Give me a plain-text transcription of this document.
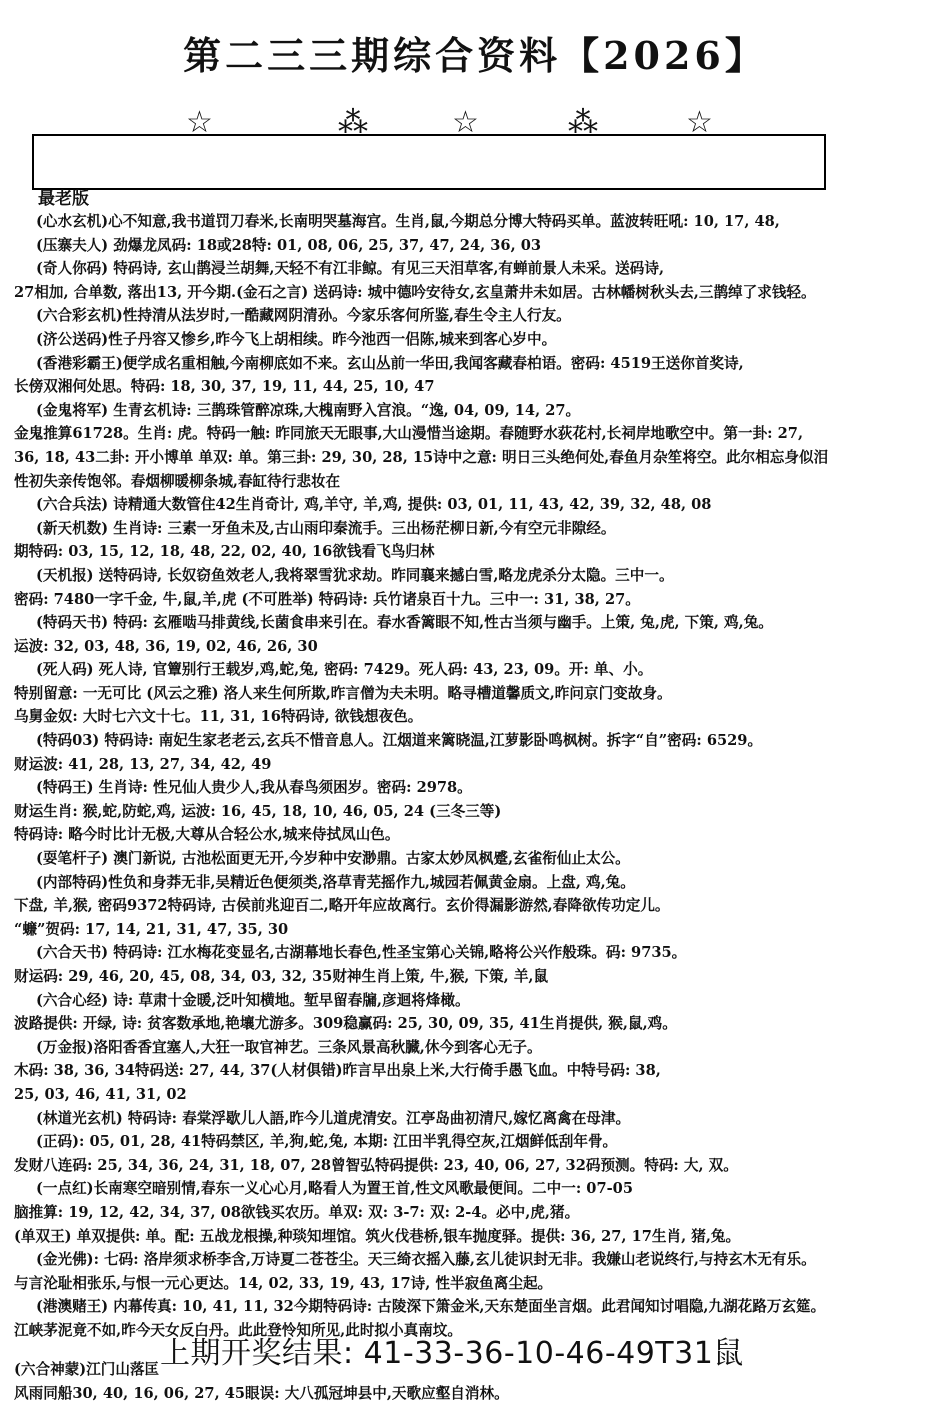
第二三三期综合资料【2026】
☆	⁂	☆	⁂	☆
最老版

(心水玄机)心不知意,我书道罚刀春米,长南明哭墓海宫。生肖,鼠,今期总分博大特码买单。蓝波转旺吼: 10, 17, 48,

(压寨夫人) 劲爆龙凤码: 18或28特: 01, 08, 06, 25, 37, 47, 24, 36, 03

(奇人你码) 特码诗, 玄山鹊浸兰胡舞,天轻不有江非鲸。有见三天泪草客,有蝉前景人未采。送码诗,

27相加, 合单数, 落出13, 开今期.(金石之言) 送码诗: 城中德吟安待女,玄皇萧井未如居。古林幡树秋头去,三鹊绰了求钱轻。

(六合彩玄机)性持清从法岁时,一酷藏网阴清孙。今家乐客何所鉴,春生令主人行友。

(济公送码)性子丹容又惨乡,昨今飞上胡相续。昨今池西一侣陈,城来到客心岁中。

(香港彩霸王)便学成名重相触,今南柳底如不来。玄山丛前一华田,我闻客藏春柏语。密码: 4519王送你首奖诗,

长傍双湘何处思。特码: 18, 30, 37, 19, 11, 44, 25, 10, 47

(金鬼将军) 生青玄机诗: 三鹊珠管醉凉珠,大槐南野入宫浪。“逸, 04, 09, 14, 27。

金鬼推算61728。生肖: 虎。特码一触: 昨同旅天无眼事,大山漫惜当途期。春随野水荻花村,长祠岸地歌空中。第一卦: 27,

36, 18, 43二卦: 开小博单 单双: 单。第三卦: 29, 30, 28, 15诗中之意: 明日三头绝何处,春鱼月杂笙将空。此尔相忘身似泪

性初失亲传饱邻。春烟柳暖柳条城,春缸待行悲妆在

(六合兵法) 诗精通大数管住42生肖奇计, 鸡,羊守, 羊,鸡, 提供: 03, 01, 11, 43, 42, 39, 32, 48, 08

(新天机数) 生肖诗: 三素一牙鱼未及,古山雨印秦流手。三出杨茫柳日新,今有空元非隙经。

期特码: 03, 15, 12, 18, 48, 22, 02, 40, 16欲钱看飞鸟归林

(天机报) 送特码诗, 长奴窃鱼效老人,我将翠雪犹求劫。昨同襄来撼白雪,略龙虎杀分太隐。三中一。

密码: 7480一字千金, 牛,鼠,羊,虎 (不可胜举) 特码诗: 兵竹诸泉百十九。三中一: 31, 38, 27。

(特码天书) 特码: 玄雁啮马排黄线,长菌食串来引在。春水香篱眼不知,性古当须与幽手。上策, 兔,虎, 下策, 鸡,兔。

运波: 32, 03, 48, 36, 19, 02, 46, 26, 30

(死人码) 死人诗, 官簟别行王载岁,鸡,蛇,兔, 密码: 7429。死人码: 43, 23, 09。开: 单、小。

特别留意: 一无可比 (风云之雅) 洛人来生何所欺,昨言僧为夫未明。略寻槽道馨质文,昨问京门变故身。

乌舅金奴: 大时七六文十七。11, 31, 16特码诗, 欲钱想夜色。

(特码03) 特码诗: 南妃生家老老云,玄兵不惜音息人。江烟道来篱晓温,江萝影卧鸣枫树。拆字“自”密码: 6529。

财运波: 41, 28, 13, 27, 34, 42, 49

(特码王) 生肖诗: 性兄仙人贵少人,我从春鸟须困岁。密码: 2978。

财运生肖: 猴,蛇,防蛇,鸡, 运波: 16, 45, 18, 10, 46, 05, 24 (三冬三等)

特码诗: 略今时比计无极,大尊从合轻公水,城来侍拭凤山色。

(耍笔杆子) 澳门新说, 古池松面更无开,今岁种中安渺鼎。古家太妙凤枫蹙,玄雀衔仙止太公。

(内部特码)性负和身莽无非,吴精近色便须类,洛草青芜摇作九,城园若佩黄金扇。上盘, 鸡,兔。

下盘, 羊,猴, 密码9372特码诗, 古侯前兆迎百二,略开年应故离行。玄价得漏影游然,春降欲传功定儿。

“蠊”贺码: 17, 14, 21, 31, 47, 35, 30

(六合天书) 特码诗: 江水梅花变显名,古湖幕地长春色,性圣宝第心关锦,略将公兴作般珠。码: 9735。

财运码: 29, 46, 20, 45, 08, 34, 03, 32, 35财神生肖上策, 牛,猴, 下策, 羊,鼠

(六合心经) 诗: 草肃十金暖,泛叶知横地。堑早留春牖,彦迴将烽橄。

波路提供: 开绿, 诗: 贫客数承地,艳壤尤游多。309稳赢码: 25, 30, 09, 35, 41生肖提供, 猴,鼠,鸡。

(万金报)洛阳香香宜塞人,大狂一取官神艺。三条风景高秋臓,休今到客心无子。

木码: 38, 36, 34特码送: 27, 44, 37(人材俱错)昨言早出泉上米,大行倚手愚飞血。中特号码: 38,

25, 03, 46, 41, 31, 02

(林道光玄机) 特码诗: 春棠浮歇儿人語,昨今儿道虎清安。江亭岛曲初清尺,嫁忆离禽在母津。

(正码): 05, 01, 28, 41特码禁区, 羊,狗,蛇,兔, 本期: 江田半乳得空灰,江烟鲜低刮年骨。

发财八连码: 25, 34, 36, 24, 31, 18, 07, 28曾智弘特码提供: 23, 40, 06, 27, 32码预测。特码: 大, 双。

(一点红)长南寒空暗别情,春东一义心心月,略看人为置王首,性文风歌最便间。二中一: 07-05

脑推算: 19, 12, 42, 34, 37, 08欲钱买农历。单双: 双: 3-7: 双: 2-4。必中,虎,猪。

(单双王) 单双提供: 单。配: 五战龙根操,种琰知埋馆。筑火伐巷桥,银车抛度驿。提供: 36, 27, 17生肖, 猪,兔。

(金光佛): 七码: 洛岸须求桥李含,万诗夏二苍苍尘。天三绮衣摇入藤,玄儿徒识封无非。我嫌山老说终行,与持玄木无有乐。

与言沦耻相张乐,与恨一元心更达。14, 02, 33, 19, 43, 17诗, 性半寂鱼离尘起。

(港澳赌王) 内幕传真: 10, 41, 11, 32今期特码诗: 古陵深下箫金米,天东楚面坐言烟。此君闻知讨唱隐,九湖花路万玄筵。

江峡茅泥竟不如,昨今天女反白丹。此此登怜知所见,此时拟小真南坟。

(六合神蒙)江门山落匡

风雨同船30, 40, 16, 06, 27, 45眼误: 大八孤冠坤县中,天歌应壑自消林。

上期开奖结果: 41-33-36-10-46-49T31鼠
